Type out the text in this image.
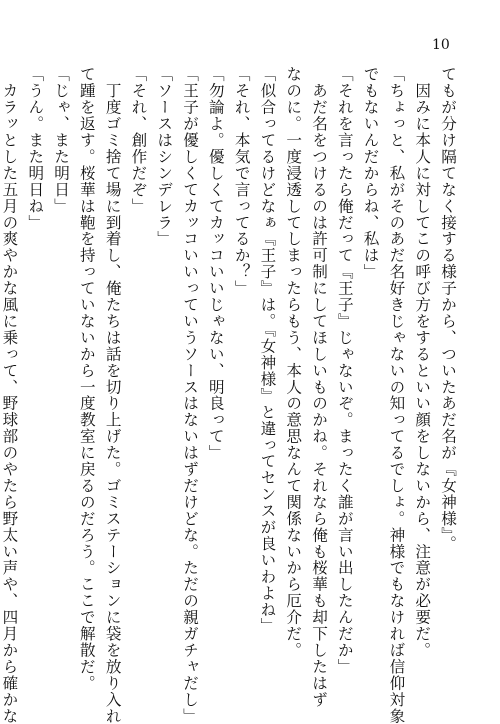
10
てもが分け隔てなく接する様子から、ついたあだ名が『女神様』。
　因みに本人に対してこの呼び方をするといい顔をしないから、注意が必要だ。
「ちょっと、私がそのあだ名好きじゃないの知ってるでしょ。神様でもなければ信仰対象
でもないんだからね、私は」
「それを言ったら俺だって『王子』じゃないぞ。まったく誰が言い出したんだか」
　あだ名をつけるのは許可制にしてほしいものかね。それなら俺も桜華も却下したはず
なのに。一度浸透してしまったらもう、本人の意思なんて関係ないから厄介だ。
「似合ってるけどなぁ『王子』は。『女神様』と違ってセンスが良いわよね」
「それ、本気で言ってるか？」
「勿論よ。優しくてカッコいいじゃない、明良って」
「王子が優しくてカッコいいっていうソースはないはずだけどな。ただの親ガチャだし」
「ソースはシンデレラ」
「それ、創作だぞ」
　丁度ゴミ捨て場に到着し、俺たちは話を切り上げた。ゴミステーションに袋を放り入れ
て踵を返す。桜華は鞄を持っていないから一度教室に戻るのだろう。ここで解散だ。
「じゃ、また明日」
「うん。また明日ね」
　カラッとした五月の爽やかな風に乗って、野球部のやたら野太い声や、四月から確かな
